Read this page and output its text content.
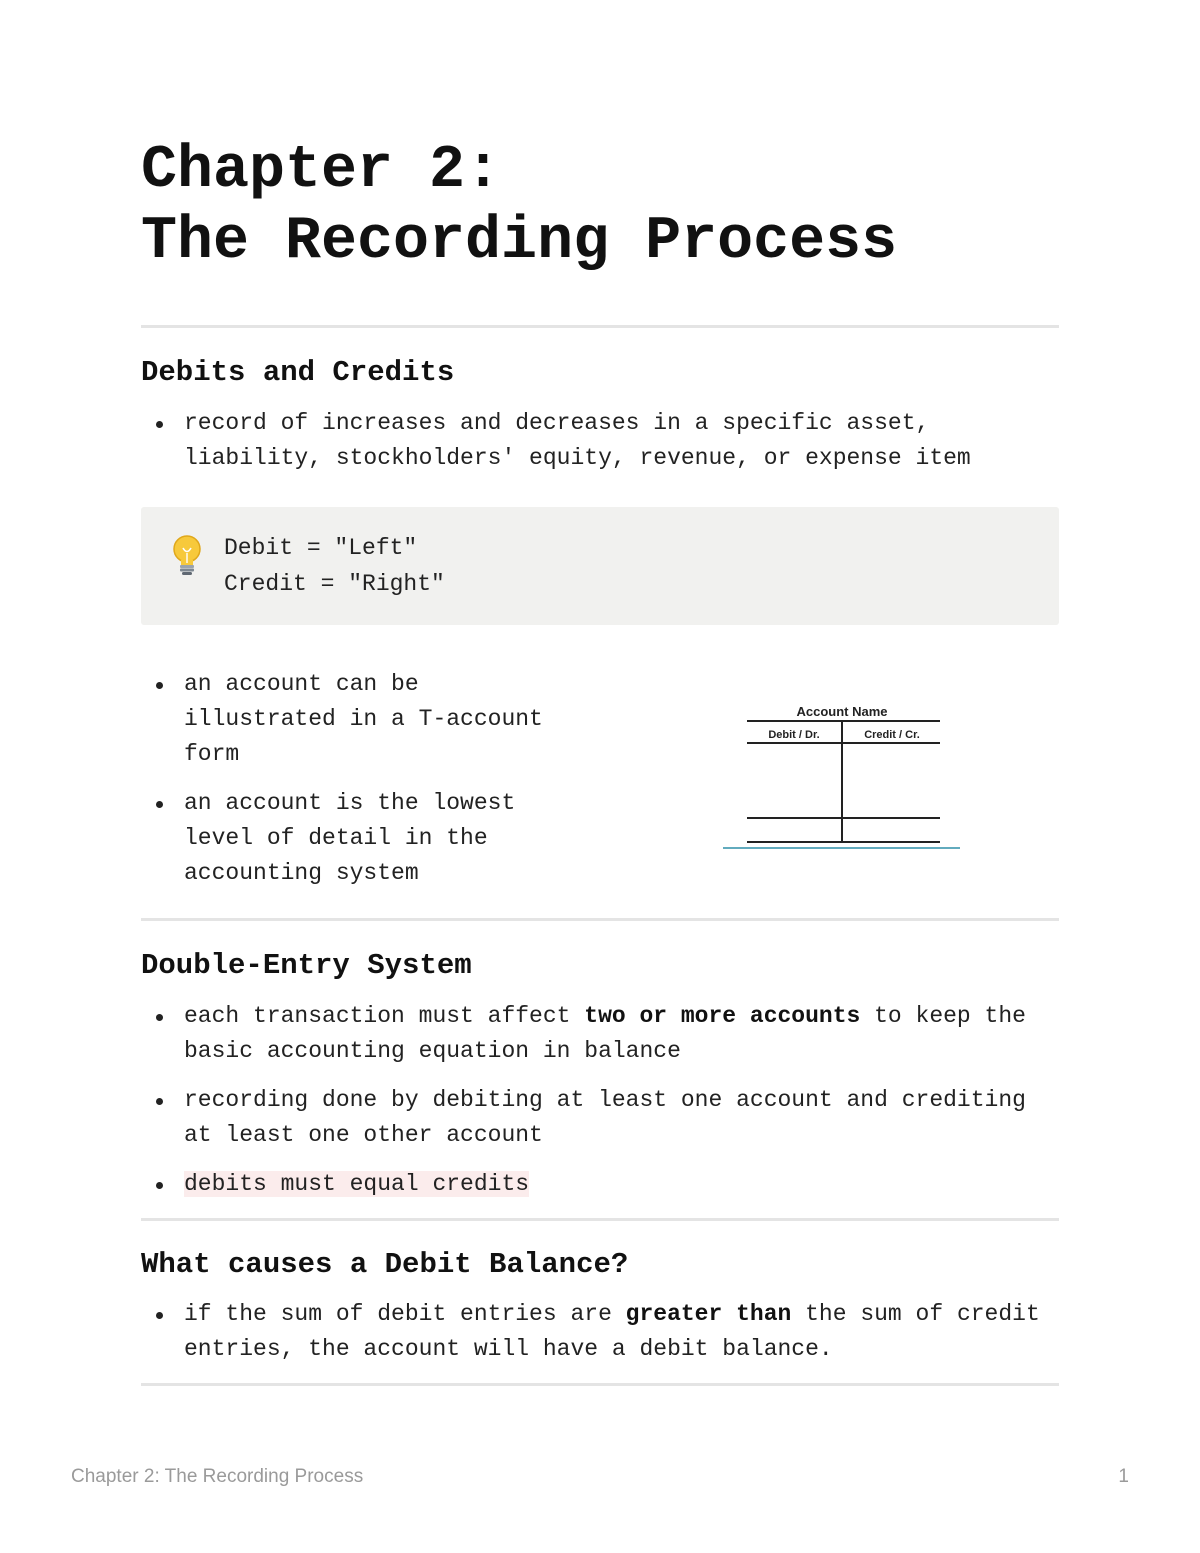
Chapter 2:
The Recording Process
Debits and Credits
record of increases and decreases in a specific asset, liability, stockholders' equity, revenue, or expense item
Debit = "Left"
Credit = "Right"
an account can be illustrated in a T-account form
an account is the lowest level of detail in the accounting system
Account Name
Debit / Dr.	Credit / Cr.
Double-Entry System
each transaction must affect two or more accounts to keep the basic accounting equation in balance
recording done by debiting at least one account and crediting at least one other account
debits must equal credits
What causes a Debit Balance?
if the sum of debit entries are greater than the sum of credit entries, the account will have a debit balance.
Chapter 2: The Recording Process	1
